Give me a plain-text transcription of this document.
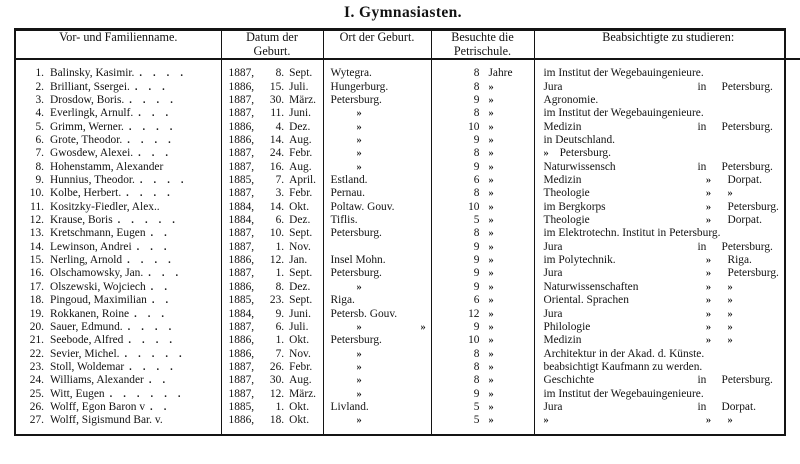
I. Gymnasiasten.
Vor- und Familienname.	Datum der
Geburt.	Ort der Geburt.	Besuchte die
Petrischule.	Beabsichtigte zu studieren:

1. Balinsky, Kasimir. . . . .	1887, 8. Sept.	Wytegra.	8 Jahre	im Institut der Wegebauingenieure.

2. Brilliant, Ssergei. . . .	1886, 15. Juli.	Hungerburg.	8 »	Jura in Petersburg.

3. Drosdow, Boris. . . . .	1887, 30. März.	Petersburg.	9 »	Agronomie.

4. Everlingk, Arnulf. . . .	1887, 11. Juni.	»	8 »	im Institut der Wegebauingenieure.

5. Grimm, Werner. . . . .	1886, 4. Dez.	»	10 »	Medizin in Petersburg.

6. Grote, Theodor. . . . .	1886, 14. Aug.	»	9 »	in Deutschland.

7. Gwosdew, Alexei. . . .	1887, 24. Febr.	»	8 »	» Petersburg.

8. Hohenstamm, Alexander	1887, 16. Aug.	»	9 »	Naturwissensch in Petersburg.

9. Hunnius, Theodor. . . . .	1885, 7. April.	Estland.	6 »	Medizin » Dorpat.

10. Kolbe, Herbert. . . . .	1887, 3. Febr.	Pernau.	8 »	Theologie » »

11. Kositzky-Fiedler, Alex..	1884, 14. Okt.	Poltaw. Gouv.	10 »	im Bergkorps » Petersburg.

12. Krause, Boris . . . . .	1884, 6. Dez.	Tiflis.	5 »	Theologie » Dorpat.

13. Kretschmann, Eugen . .	1887, 10. Sept.	Petersburg.	8 »	im Elektrotechn. Institut in Petersburg.

14. Lewinson, Andrei . . .	1887, 1. Nov.		9 »	Jura in Petersburg.

15. Nerling, Arnold . . . .	1886, 12. Jan.	Insel Mohn.	9 »	im Polytechnik. » Riga.

16. Olschamowsky, Jan. . . .	1887, 1. Sept.	Petersburg.	9 »	Jura » Petersburg.

17. Olszewski, Wojciech . .	1886, 8. Dez.	»	9 »	Naturwissenschaften » »

18. Pingoud, Maximilian . .	1885, 23. Sept.	Riga.	6 »	Oriental. Sprachen » »

19. Rokkanen, Roine . . .	1884, 9. Juni.	Petersb. Gouv.	12 »	Jura » »

20. Sauer, Edmund. . . . .	1887, 6. Juli.	» »	9 »	Philologie » »

21. Seebode, Alfred . . . .	1886, 1. Okt.	Petersburg.	10 »	Medizin » »

22. Sevier, Michel. . . . . .	1886, 7. Nov.	»	8 »	Architektur in der Akad. d. Künste.

23. Stoll, Woldemar . . . .	1887, 26. Febr.	»	8 »	beabsichtigt Kaufmann zu werden.

24. Williams, Alexander . .	1887, 30. Aug.	»	8 »	Geschichte in Petersburg.

25. Witt, Eugen . . . . . .	1887, 12. März.	»	9 »	im Institut der Wegebauingenieure.

26. Wolff, Egon Baron v . .	1885, 1. Okt.	Livland.	5 »	Jura in Dorpat.

27. Wolff, Sigismund Bar. v.	1886, 18. Okt.	»	5 »	» » »
